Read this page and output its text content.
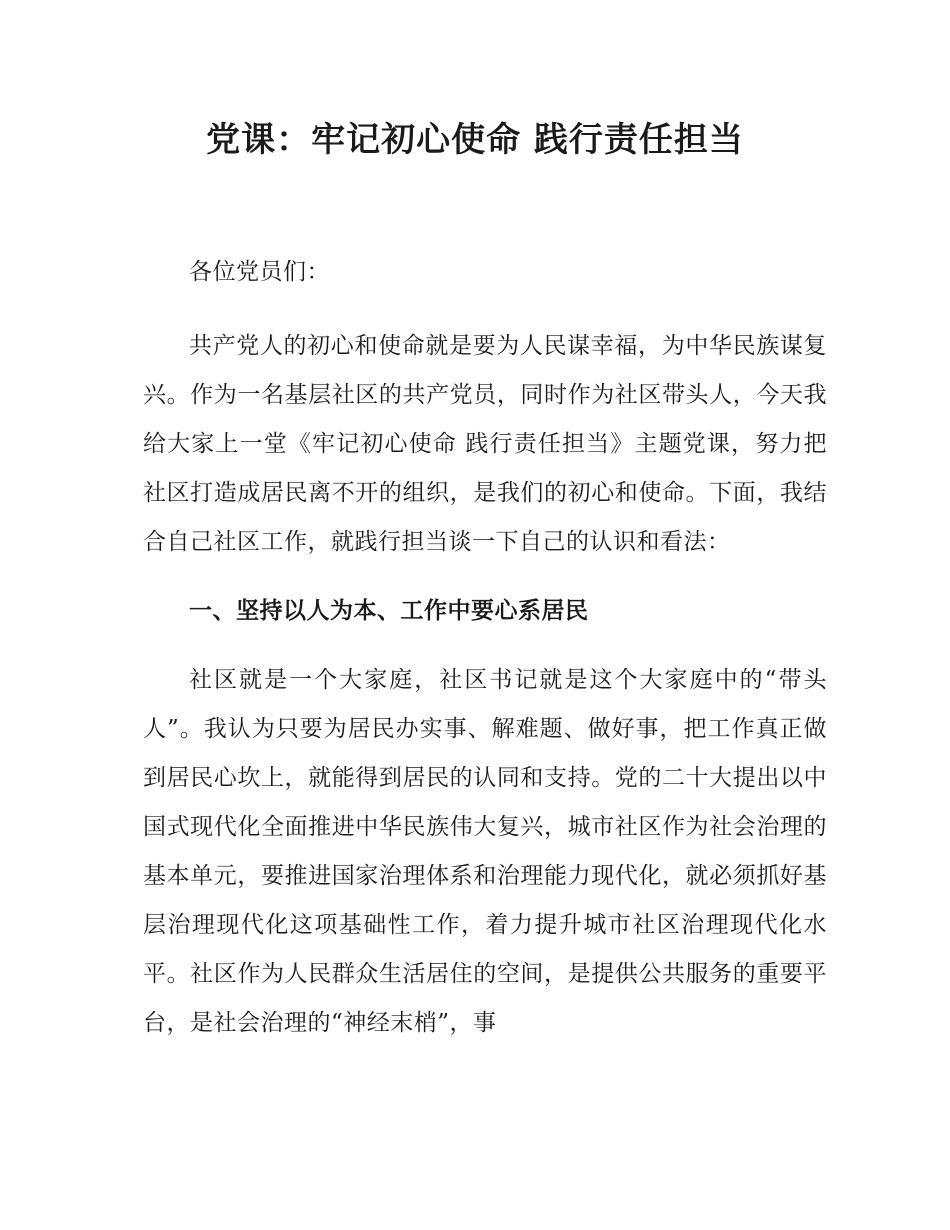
党课：牢记初心使命 践行责任担当

各位党员们：

共产党人的初心和使命就是要为人民谋幸福，为中华民族谋复兴。作为一名基层社区的共产党员，同时作为社区带头人，今天我给大家上一堂《牢记初心使命 践行责任担当》主题党课，努力把社区打造成居民离不开的组织，是我们的初心和使命。下面，我结合自己社区工作，就践行担当谈一下自己的认识和看法：

一、坚持以人为本、工作中要心系居民

社区就是一个大家庭，社区书记就是这个大家庭中的“带头人”。我认为只要为居民办实事、解难题、做好事，把工作真正做到居民心坎上，就能得到居民的认同和支持。党的二十大提出以中国式现代化全面推进中华民族伟大复兴，城市社区作为社会治理的基本单元，要推进国家治理体系和治理能力现代化，就必须抓好基层治理现代化这项基础性工作，着力提升城市社区治理现代化水平。社区作为人民群众生活居住的空间，是提供公共服务的重要平台，是社会治理的“神经末梢”，事
